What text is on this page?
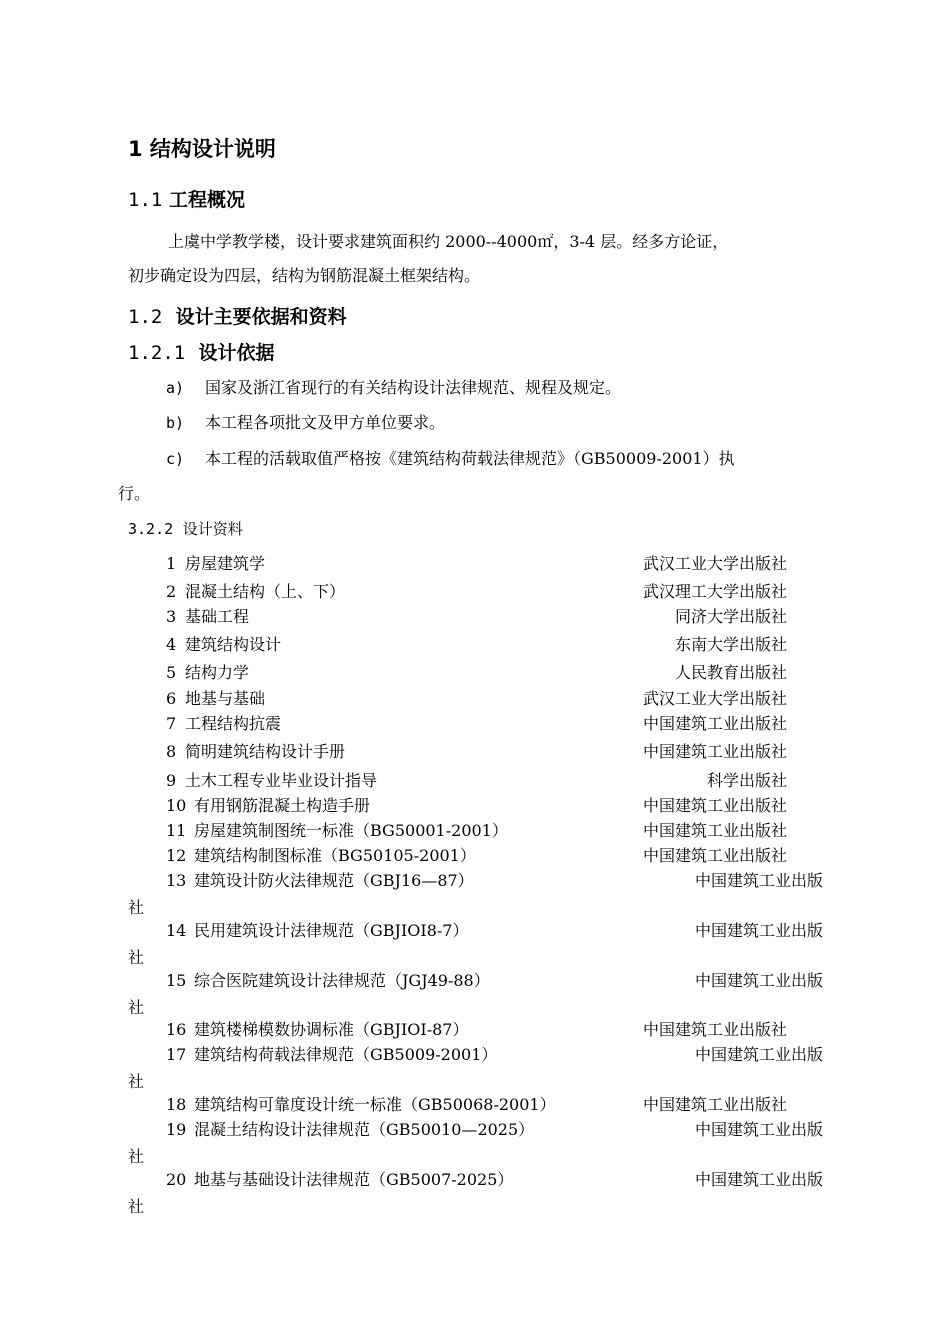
1 结构设计说明
1.1 工程概况
上虞中学教学楼，设计要求建筑面积约 2000--4000㎡，3-4 层。经多方论证，
初步确定设为四层，结构为钢筋混凝土框架结构。
1.2 设计主要依据和资料
1.2.1 设计依据
a) 国家及浙江省现行的有关结构设计法律规范、规程及规定。
b) 本工程各项批文及甲方单位要求。
c) 本工程的活载取值严格按《建筑结构荷载法律规范》（GB50009-2001）执
行。
3.2.2 设计资料
1 房屋建筑学	武汉工业大学出版社
2 混凝土结构（上、下）	武汉理工大学出版社
3 基础工程	同济大学出版社
4 建筑结构设计	东南大学出版社
5 结构力学	人民教育出版社
6 地基与基础	武汉工业大学出版社
7 工程结构抗震	中国建筑工业出版社
8 简明建筑结构设计手册	中国建筑工业出版社
9 土木工程专业毕业设计指导	科学出版社
10 有用钢筋混凝土构造手册	中国建筑工业出版社
11 房屋建筑制图统一标准（BG50001-2001）	中国建筑工业出版社
12 建筑结构制图标准（BG50105-2001）	中国建筑工业出版社
13 建筑设计防火法律规范（GBJ16—87）	中国建筑工业出版
社
14 民用建筑设计法律规范（GBJIOI8-7）	中国建筑工业出版
社
15 综合医院建筑设计法律规范（JGJ49-88）	中国建筑工业出版
社
16 建筑楼梯模数协调标准（GBJIOI-87）	中国建筑工业出版社
17 建筑结构荷载法律规范（GB5009-2001）	中国建筑工业出版
社
18 建筑结构可靠度设计统一标准（GB50068-2001）	中国建筑工业出版社
19 混凝土结构设计法律规范（GB50010—2025）	中国建筑工业出版
社
20 地基与基础设计法律规范（GB5007-2025）	中国建筑工业出版
社
